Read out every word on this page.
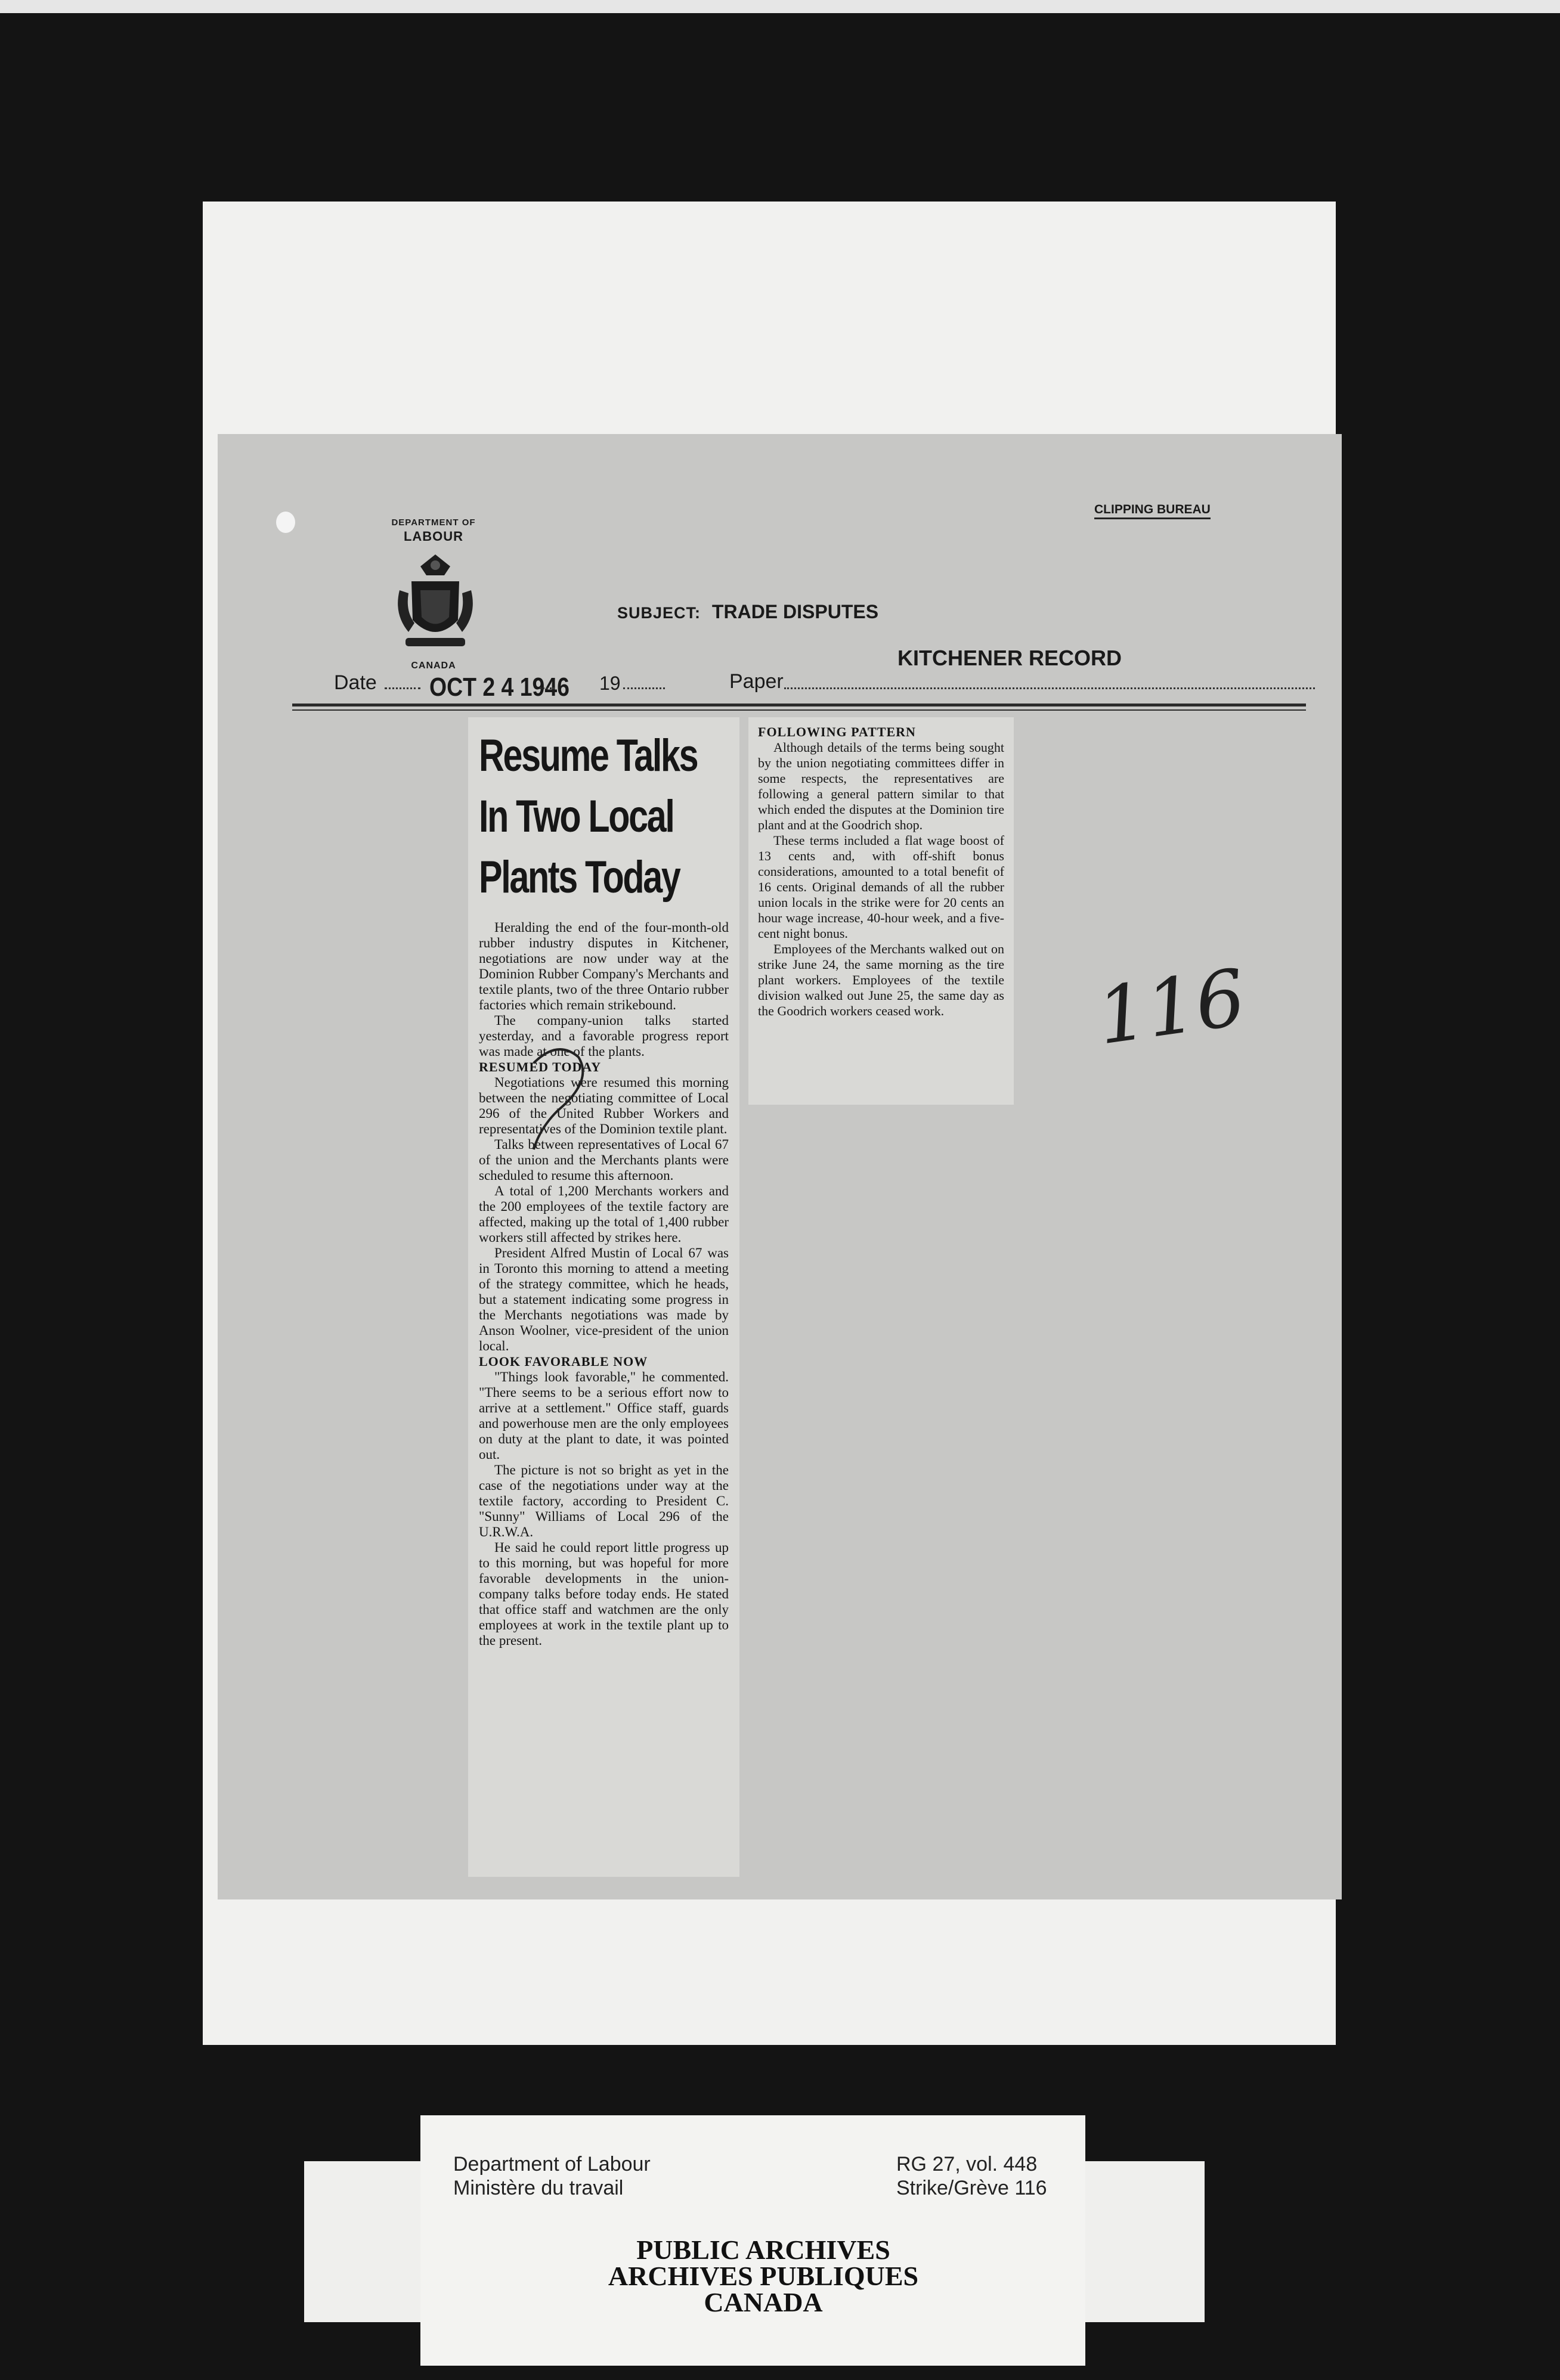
DEPARTMENT OF
LABOUR
CANADA
CLIPPING BUREAU
SUBJECT: TRADE DISPUTES
KITCHENER RECORD
Date OCT 2 4 1946 19	Paper
Resume Talks
In Two Local
Plants Today

Heralding the end of the four-month-old rubber industry disputes in Kitchener, negotiations are now under way at the Dominion Rubber Company's Merchants and textile plants, two of the three Ontario rubber factories which remain strikebound.

The company-union talks started yesterday, and a favorable progress report was made at one of the plants.

RESUMED TODAY

Negotiations were resumed this morning between the negotiating committee of Local 296 of the United Rubber Workers and representatives of the Dominion textile plant.

Talks between representatives of Local 67 of the union and the Merchants plants were scheduled to resume this afternoon.

A total of 1,200 Merchants workers and the 200 employees of the textile factory are affected, making up the total of 1,400 rubber workers still affected by strikes here.

President Alfred Mustin of Local 67 was in Toronto this morning to attend a meeting of the strategy committee, which he heads, but a statement indicating some progress in the Merchants negotiations was made by Anson Woolner, vice-president of the union local.

LOOK FAVORABLE NOW

"Things look favorable," he commented. "There seems to be a serious effort now to arrive at a settlement." Office staff, guards and powerhouse men are the only employees on duty at the plant to date, it was pointed out.

The picture is not so bright as yet in the case of the negotiations under way at the textile factory, according to President C. "Sunny" Williams of Local 296 of the U.R.W.A.

He said he could report little progress up to this morning, but was hopeful for more favorable developments in the union-company talks before today ends. He stated that office staff and watchmen are the only employees at work in the textile plant up to the present.

FOLLOWING PATTERN

Although details of the terms being sought by the union negotiating committees differ in some respects, the representatives are following a general pattern similar to that which ended the disputes at the Dominion tire plant and at the Goodrich shop.

These terms included a flat wage boost of 13 cents and, with off-shift bonus considerations, amounted to a total benefit of 16 cents. Original demands of all the rubber union locals in the strike were for 20 cents an hour wage increase, 40-hour week, and a five-cent night bonus.

Employees of the Merchants walked out on strike June 24, the same morning as the tire plant workers. Employees of the textile division walked out June 25, the same day as the Goodrich workers ceased work.	116
Department of Labour
Ministère du travail
RG 27, vol. 448
Strike/Grève 116
PUBLIC ARCHIVES
ARCHIVES PUBLIQUES
CANADA
